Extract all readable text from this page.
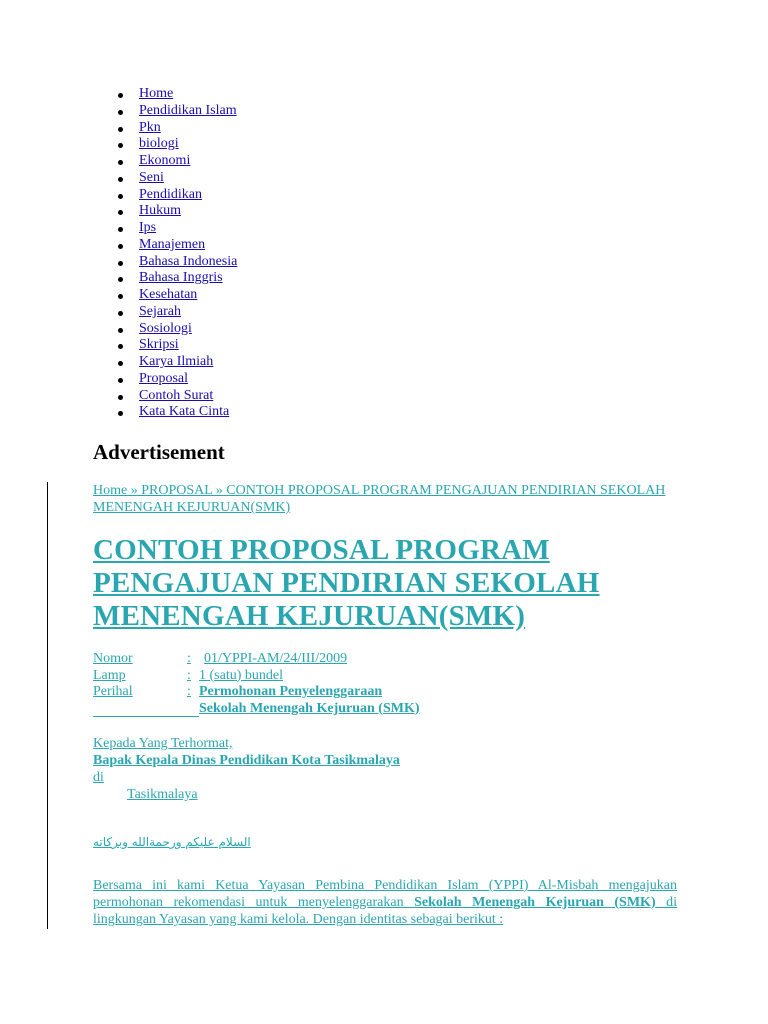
Home
Pendidikan Islam
Pkn
biologi
Ekonomi
Seni
Pendidikan
Hukum
Ips
Manajemen
Bahasa Indonesia
Bahasa Inggris
Kesehatan
Sejarah
Sosiologi
Skripsi
Karya Ilmiah
Proposal
Contoh Surat
Kata Kata Cinta
Advertisement
Home » PROPOSAL » CONTOH PROPOSAL PROGRAM PENGAJUAN PENDIRIAN SEKOLAH MENENGAH KEJURUAN(SMK)
CONTOH PROPOSAL PROGRAM PENGAJUAN PENDIRIAN SEKOLAH MENENGAH KEJURUAN(SMK)
Nomor	: 01/YPPI-AM/24/III/2009
Lamp	: 1 (satu) bundel
Perihal	: Permohonan Penyelenggaraan
Sekolah Menengah Kejuruan (SMK)
Kepada Yang Terhormat,
Bapak Kepala Dinas Pendidikan Kota Tasikmalaya
di
Tasikmalaya
السلام عليكم ورحمةالله وبركاته
Bersama ini kami Ketua Yayasan Pembina Pendidikan Islam (YPPI) Al-Misbah mengajukan permohonan rekomendasi untuk menyelenggarakan Sekolah Menengah Kejuruan (SMK) di lingkungan Yayasan yang kami kelola. Dengan identitas sebagai berikut :
